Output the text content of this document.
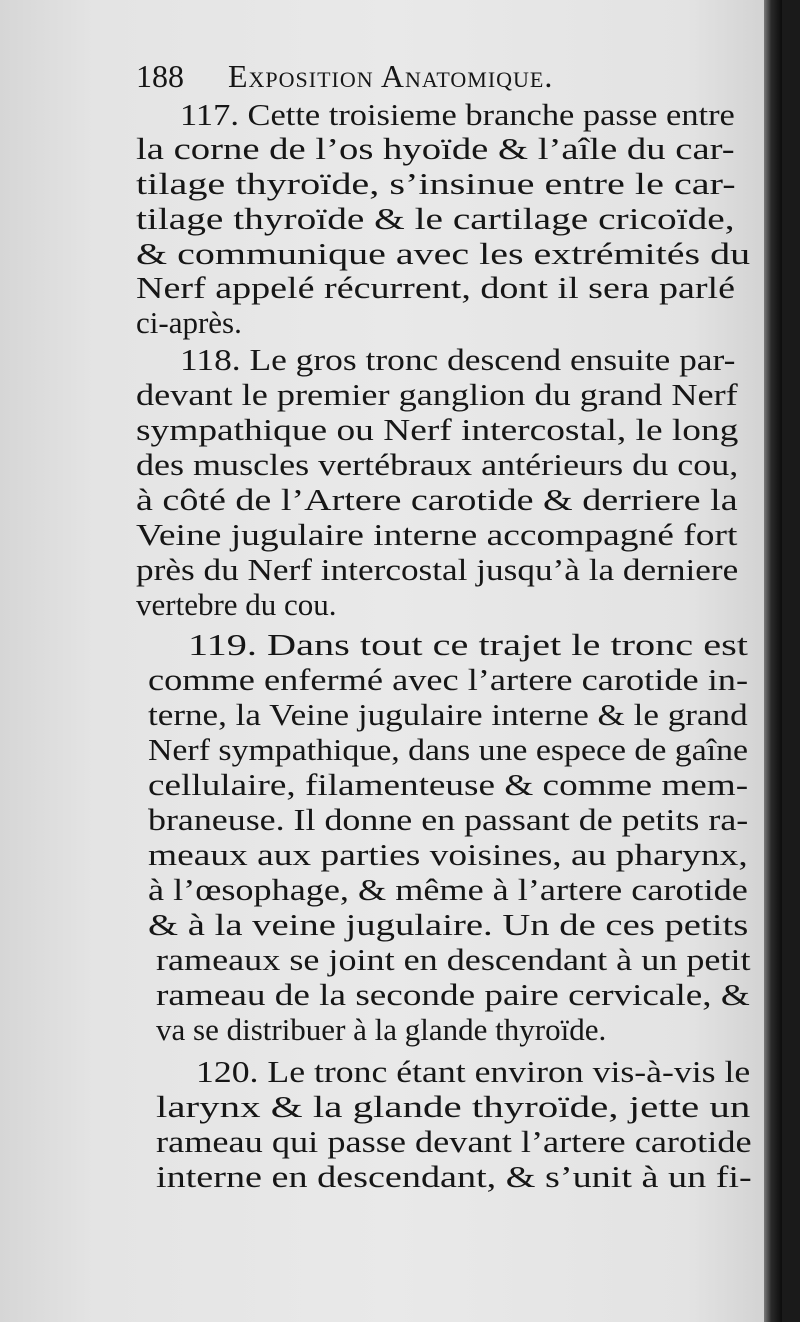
188 Exposition Anatomique.
117. Cette troisieme branche passe entre
la corne de l’os hyoïde & l’aîle du car-
tilage thyroïde, s’insinue entre le car-
tilage thyroïde & le cartilage cricoïde,
& communique avec les extrémités du
Nerf appelé récurrent, dont il sera parlé
ci-après.
118. Le gros tronc descend ensuite par-
devant le premier ganglion du grand Nerf
sympathique ou Nerf intercostal, le long
des muscles vertébraux antérieurs du cou,
à côté de l’Artere carotide & derriere la
Veine jugulaire interne accompagné fort
près du Nerf intercostal jusqu’à la derniere
vertebre du cou.
119. Dans tout ce trajet le tronc est
comme enfermé avec l’artere carotide in-
terne, la Veine jugulaire interne & le grand
Nerf sympathique, dans une espece de gaîne
cellulaire, filamenteuse & comme mem-
braneuse. Il donne en passant de petits ra-
meaux aux parties voisines, au pharynx,
à l’œsophage, & même à l’artere carotide
& à la veine jugulaire. Un de ces petits
rameaux se joint en descendant à un petit
rameau de la seconde paire cervicale, &
va se distribuer à la glande thyroïde.
120. Le tronc étant environ vis-à-vis le
larynx & la glande thyroïde, jette un
rameau qui passe devant l’artere carotide
interne en descendant, & s’unit à un fi-
